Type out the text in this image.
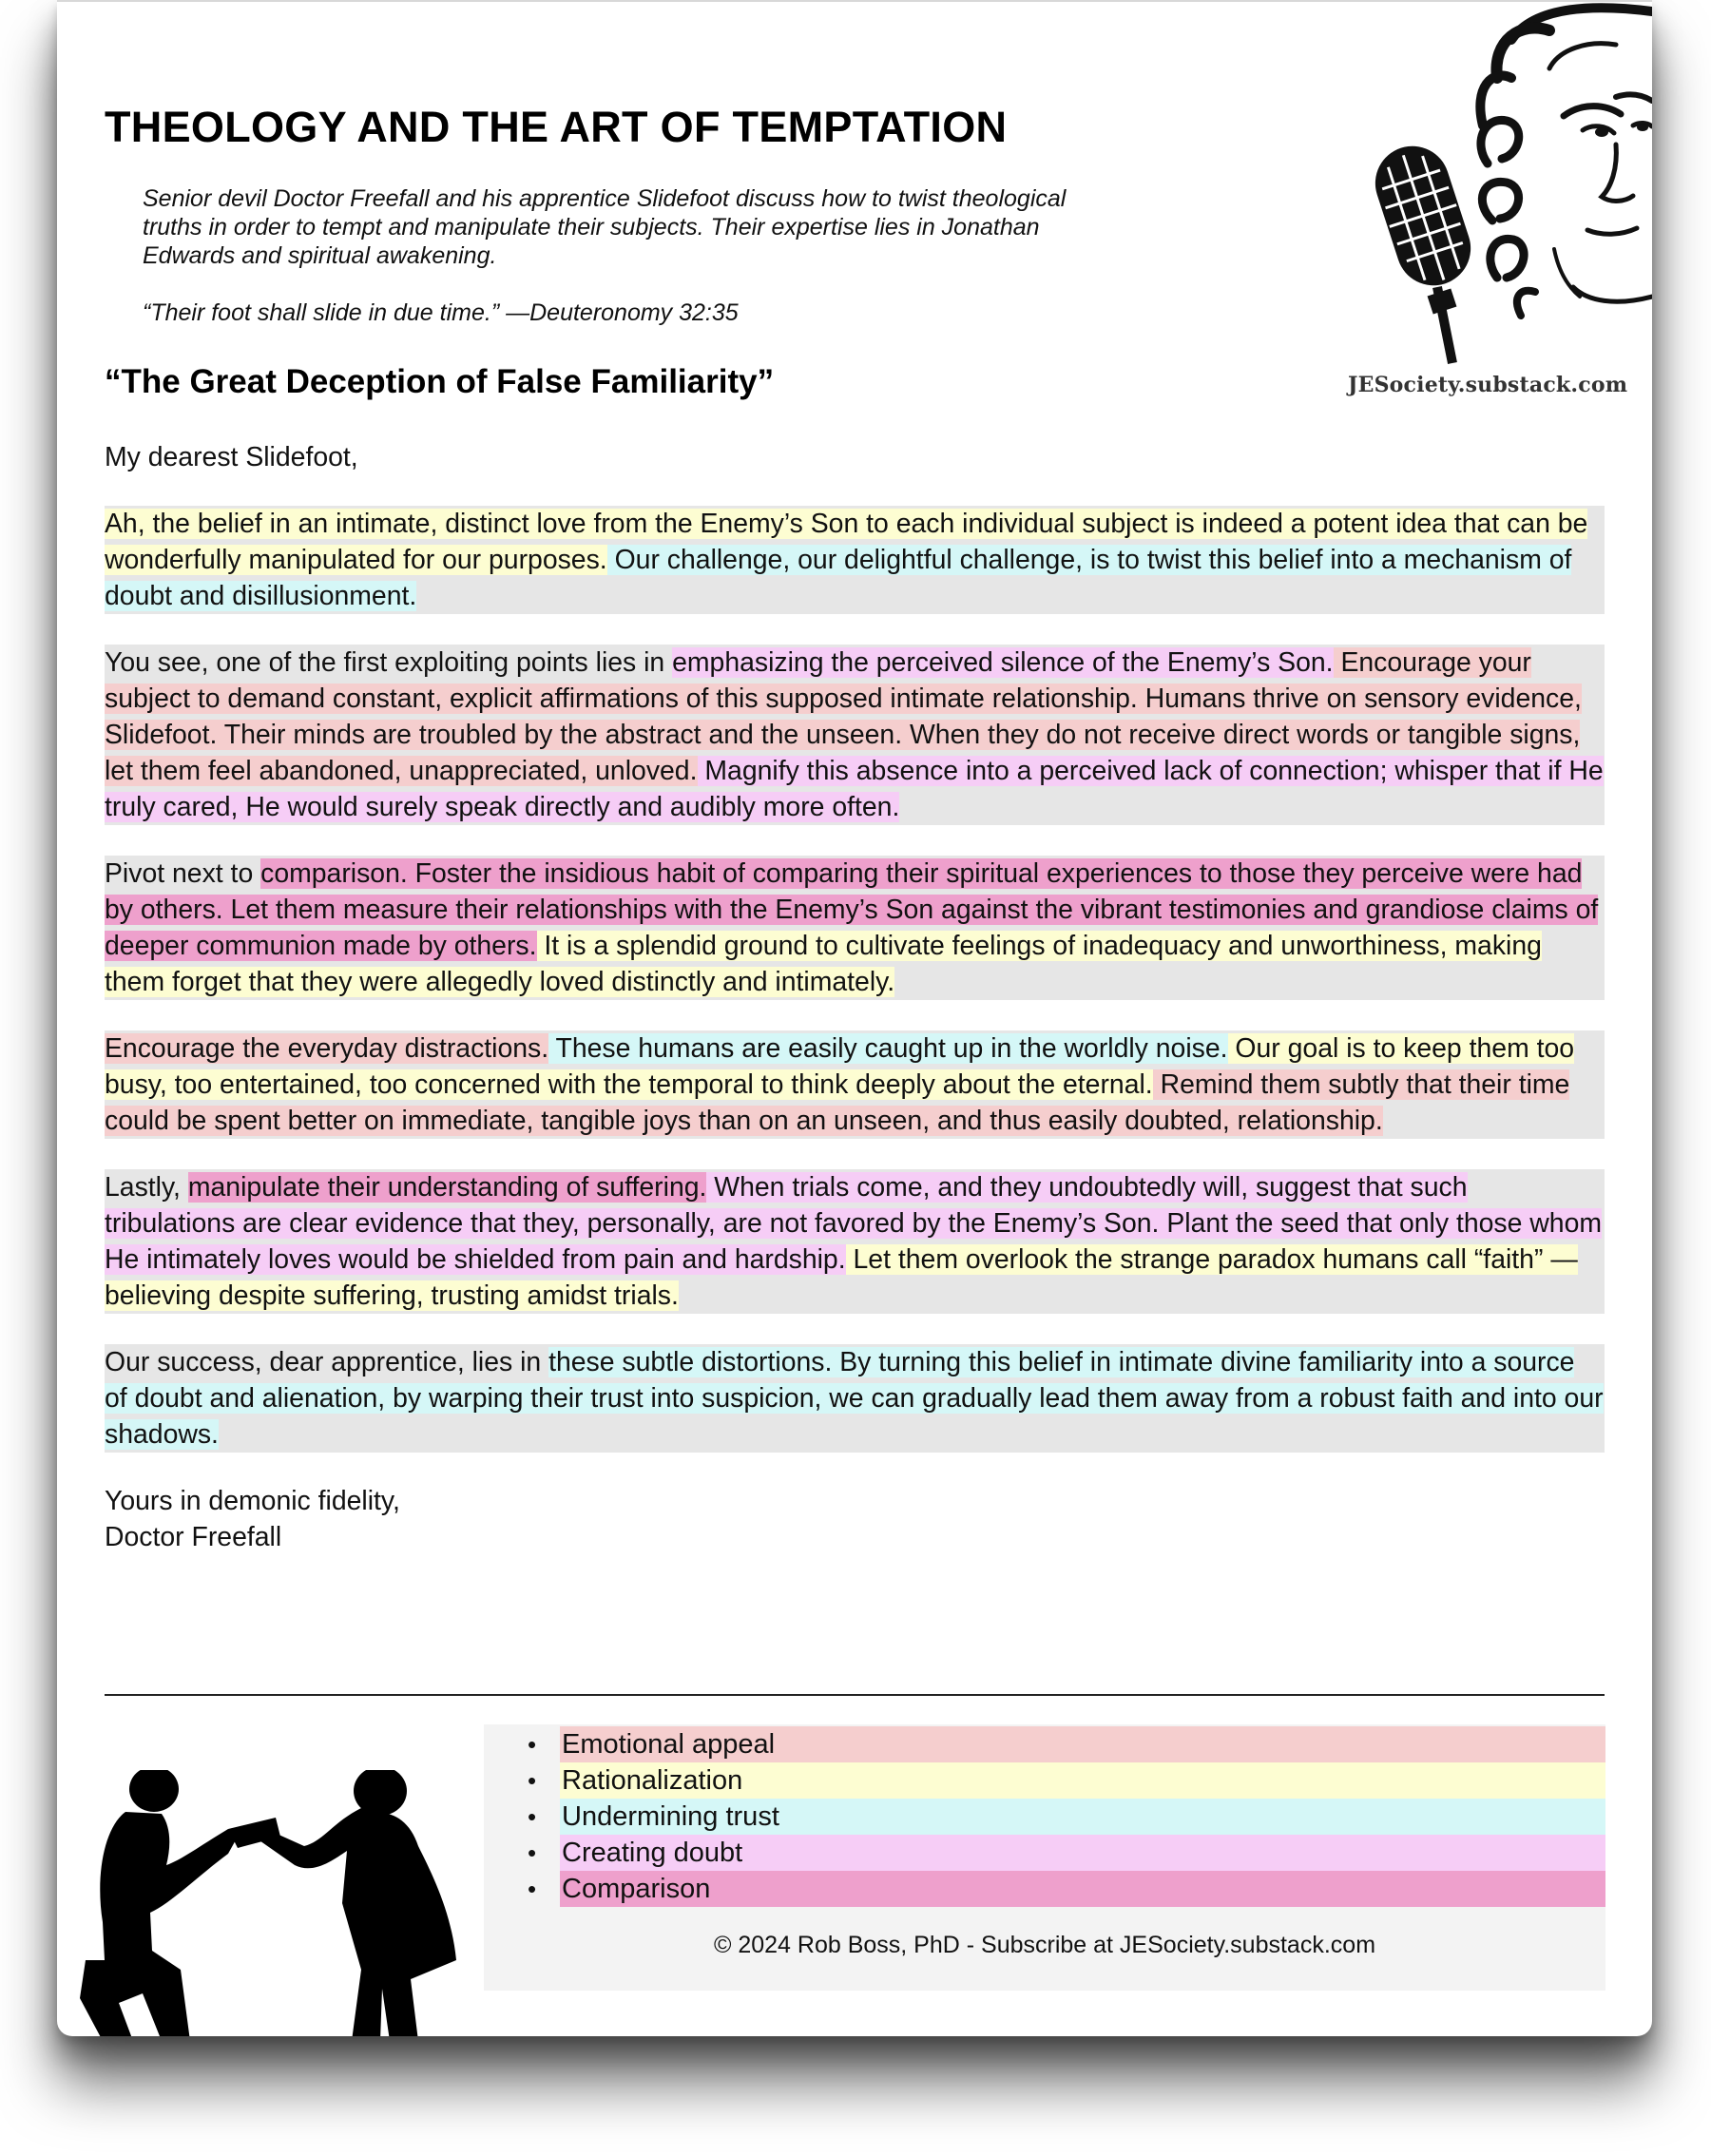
THEOLOGY AND THE ART OF TEMPTATION

Senior devil Doctor Freefall and his apprentice Slidefoot discuss how to twist theological truths in order to tempt and manipulate their subjects. Their expertise lies in Jonathan Edwards and spiritual awakening.

“Their foot shall slide in due time.” —Deuteronomy 32:35

JESociety.substack.com
“The Great Deception of False Familiarity”

My dearest Slidefoot,

Ah, the belief in an intimate, distinct love from the Enemy’s Son to each individual subject is indeed a potent idea that can be wonderfully manipulated for our purposes. Our challenge, our delightful challenge, is to twist this belief into a mechanism of doubt and disillusionment.

You see, one of the first exploiting points lies in emphasizing the perceived silence of the Enemy’s Son. Encourage your subject to demand constant, explicit affirmations of this supposed intimate relationship. Humans thrive on sensory evidence, Slidefoot. Their minds are troubled by the abstract and the unseen. When they do not receive direct words or tangible signs, let them feel abandoned, unappreciated, unloved. Magnify this absence into a perceived lack of connection; whisper that if He truly cared, He would surely speak directly and audibly more often.

Pivot next to comparison. Foster the insidious habit of comparing their spiritual experiences to those they perceive were had by others. Let them measure their relationships with the Enemy’s Son against the vibrant testimonies and grandiose claims of deeper communion made by others. It is a splendid ground to cultivate feelings of inadequacy and unworthiness, making them forget that they were allegedly loved distinctly and intimately.

Encourage the everyday distractions. These humans are easily caught up in the worldly noise. Our goal is to keep them too busy, too entertained, too concerned with the temporal to think deeply about the eternal. Remind them subtly that their time could be spent better on immediate, tangible joys than on an unseen, and thus easily doubted, relationship.

Lastly, manipulate their understanding of suffering. When trials come, and they undoubtedly will, suggest that such tribulations are clear evidence that they, personally, are not favored by the Enemy’s Son. Plant the seed that only those whom He intimately loves would be shielded from pain and hardship. Let them overlook the strange paradox humans call “faith” — believing despite suffering, trusting amidst trials.

Our success, dear apprentice, lies in these subtle distortions. By turning this belief in intimate divine familiarity into a source of doubt and alienation, by warping their trust into suspicion, we can gradually lead them away from a robust faith and into our shadows.

Yours in demonic fidelity,
Doctor Freefall

• Emotional appeal
• Rationalization
• Undermining trust
• Creating doubt
• Comparison
© 2024 Rob Boss, PhD - Subscribe at JESociety.substack.com
